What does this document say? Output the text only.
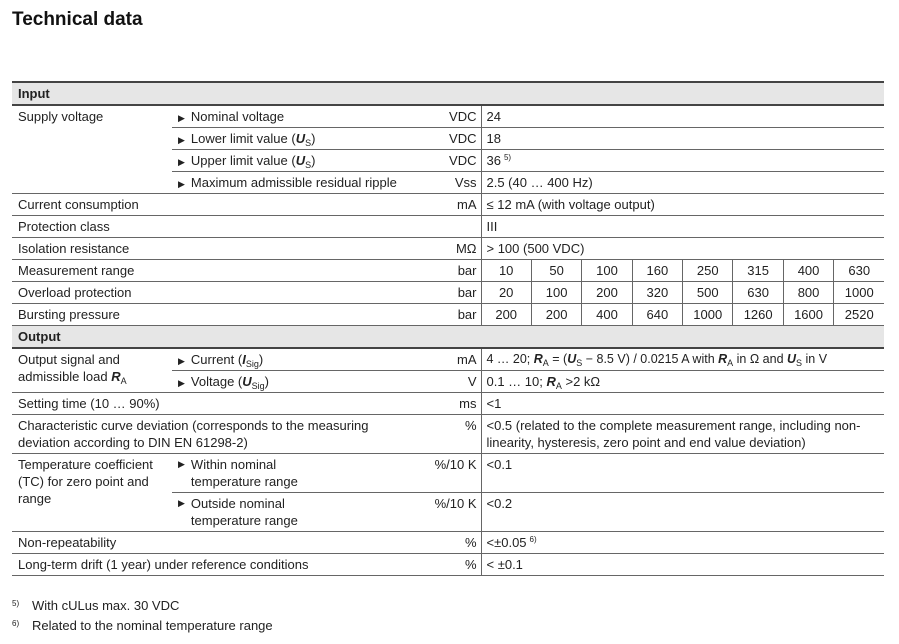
Technical data
Input										
Supply voltage	▶ Nominal voltage	VDC	24							
	▶ Lower limit value $(U_S)$	VDC	18							
	▶ Upper limit value $(U_S)$	VDC	36 $^{5)}$
	▶ Maximum admissible residual ripple	Vss	2.5 (40 … 400 Hz)							
Current consumption		mA	≤ 12 mA (with voltage output)							
Protection class			III							
Isolation resistance		MΩ	> 100 (500 VDC)							
Measurement range		bar	10	50	100	160	250	315	400	630
Overload protection		bar	20	100	200	320	500	630	800	1000
Bursting pressure		bar	200	200	400	640	1000	1260	1600	2520
Output										
Output signal and admissible load $R_A$	▶ Current $(I_{Sig})$	mA	4 … 20; $R_A = (U_S - 8.5$ V) / 0.0215 A with $R_A$ in Ω and $U_S$ in V							
	▶ Voltage $(U_{Sig})$	V	0.1 … 10; $R_A >2$ kΩ							
Setting time (10 … 90%)		ms	<1							
Characteristic curve deviation (corresponds to the measuring deviation according to DIN EN 61298-2)		%	<0.5 (related to the complete measurement range, including non-linearity, hysteresis, zero point and end value deviation)							
Temperature coefficient (TC) for zero point and range	▶ Within nominal temperature range	%/10 K	<0.1							

	▶ Outside nominal temperature range	%/10 K	<0.2							
Non-repeatability		%	<±0.05 $^{6)}$
Long-term drift (1 year) under reference conditions		%	< ±0.1							
5) With cULus max. 30 VDC
6) Related to the nominal temperature range
